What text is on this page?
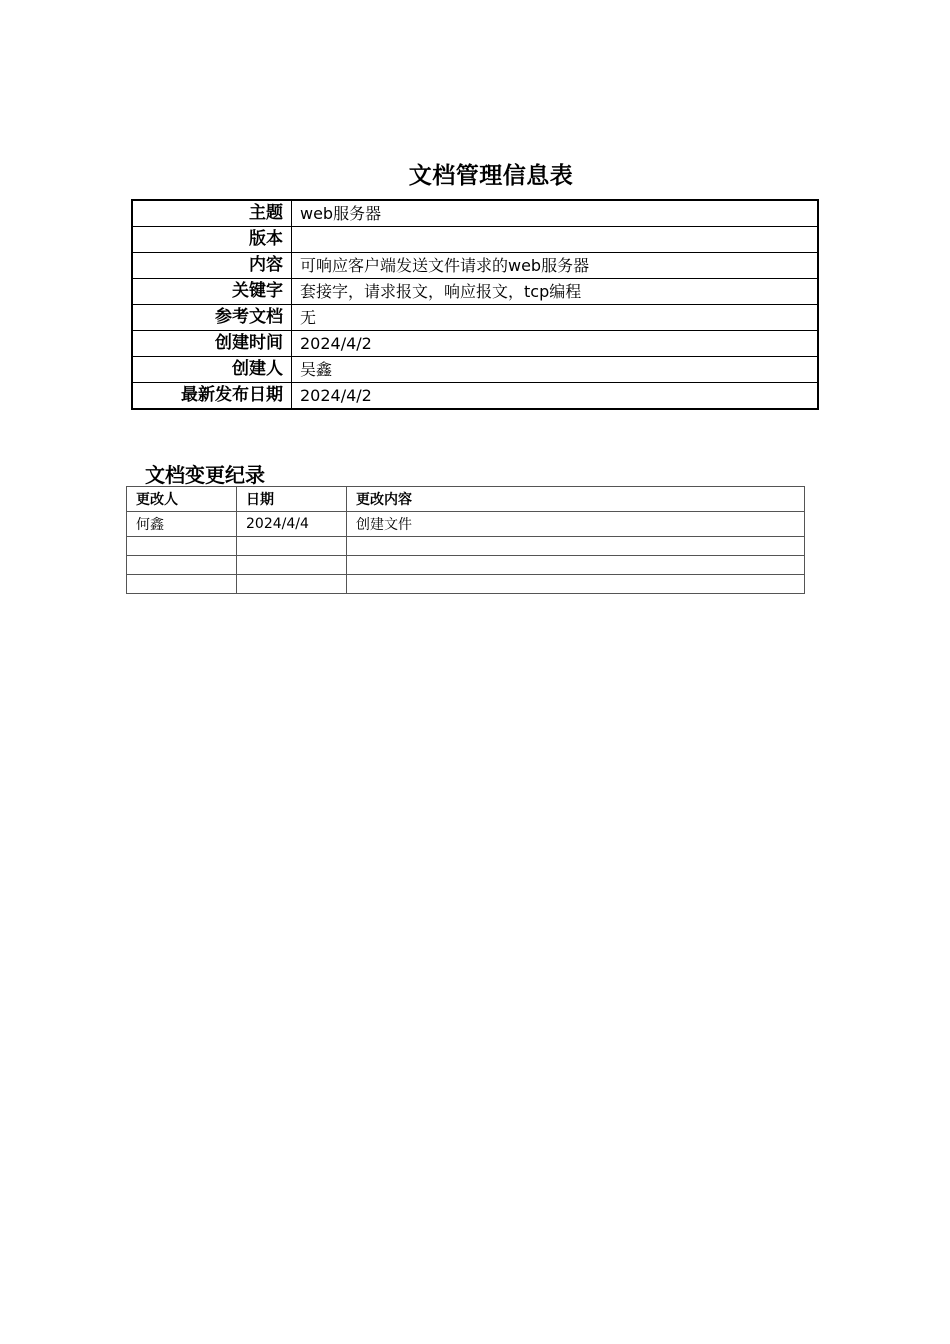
文档管理信息表
主题	web服务器
版本	
内容	可响应客户端发送文件请求的web服务器
关键字	套接字，请求报文，响应报文，tcp编程
参考文档	无
创建时间	2024/4/2
创建人	吴鑫
最新发布日期	2024/4/2
文档变更纪录
更改人	日期	更改内容
何鑫	2024/4/4	创建文件
